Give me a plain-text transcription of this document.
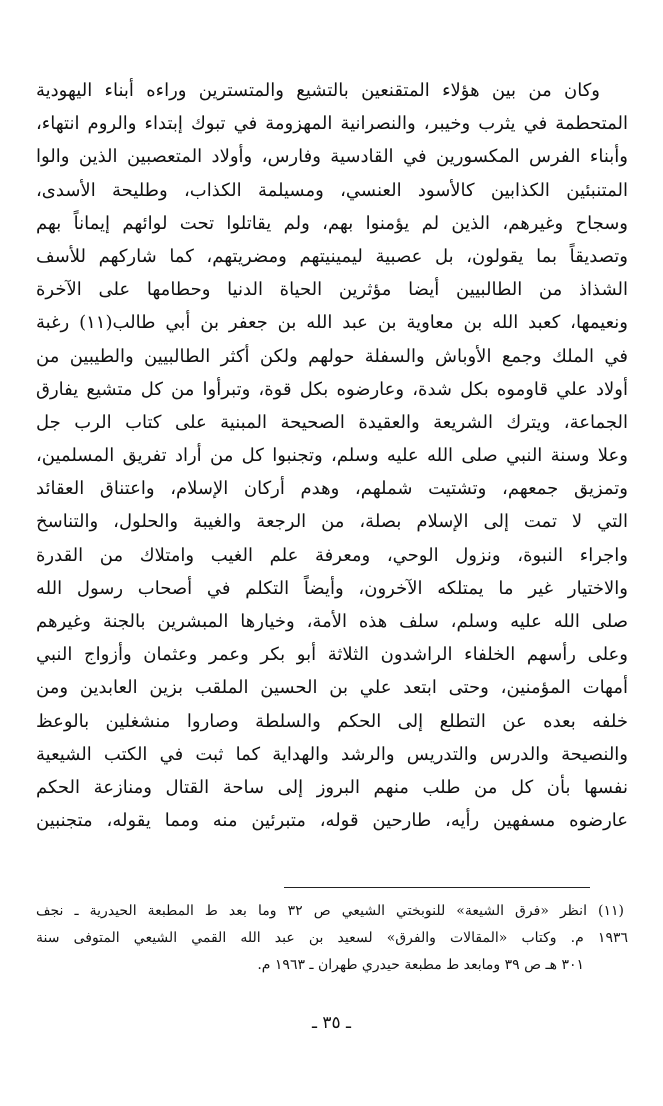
وكان من بين هؤلاء المتقنعين بالتشيع والمتسترين وراءه أبناء اليهودية
المتحطمة في يثرب وخيبر، والنصرانية المهزومة في تبوك إبتداء والروم انتهاء،
وأبناء الفرس المكسورين في القادسية وفارس، وأولاد المتعصبين الذين والوا
المتنبئين الكذابين كالأسود العنسي، ومسيلمة الكذاب، وطليحة الأسدى،
وسجاح وغيرهم، الذين لم يؤمنوا بهم، ولم يقاتلوا تحت لوائهم إيماناً بهم
وتصديقاً بما يقولون، بل عصبية ليمينيتهم ومضريتهم، كما شاركهم للأسف
الشذاذ من الطالبيين أيضا مؤثرين الحياة الدنيا وحطامها على الآخرة
ونعيمها، كعبد الله بن معاوية بن عبد الله بن جعفر بن أبي طالب(١١) رغبة
في الملك وجمع الأوباش والسفلة حولهم ولكن أكثر الطالبيين والطيبين من
أولاد علي قاوموه بكل شدة، وعارضوه بكل قوة، وتبرأوا من كل متشيع يفارق
الجماعة، ويترك الشريعة والعقيدة الصحيحة المبنية على كتاب الرب جل
وعلا وسنة النبي صلى الله عليه وسلم، وتجنبوا كل من أراد تفريق المسلمين،
وتمزيق جمعهم، وتشتيت شملهم، وهدم أركان الإسلام، واعتناق العقائد
التي لا تمت إلى الإسلام بصلة، من الرجعة والغيبة والحلول، والتناسخ
واجراء النبوة، ونزول الوحي، ومعرفة علم الغيب وامتلاك من القدرة
والاختيار غير ما يمتلكه الآخرون، وأيضاً التكلم في أصحاب رسول الله
صلى الله عليه وسلم، سلف هذه الأمة، وخيارها المبشرين بالجنة وغيرهم
وعلى رأسهم الخلفاء الراشدون الثلاثة أبو بكر وعمر وعثمان وأزواج النبي
أمهات المؤمنين، وحتى ابتعد علي بن الحسين الملقب بزين العابدين ومن
خلفه بعده عن التطلع إلى الحكم والسلطة وصاروا منشغلين بالوعظ
والنصيحة والدرس والتدريس والرشد والهداية كما ثبت في الكتب الشيعية
نفسها بأن كل من طلب منهم البروز إلى ساحة القتال ومنازعة الحكم
عارضوه مسفهين رأيه، طارحين قوله، متبرئين منه ومما يقوله، متجنبين
(١١) انظر «فرق الشيعة» للنوبختي الشيعي ص ٣٢ وما بعد ط المطبعة الحيدرية ـ نجف
١٩٣٦ م. وكتاب «المقالات والفرق» لسعيد بن عبد الله القمي الشيعي المتوفى سنة
٣٠١ هـ ص ٣٩ ومابعد ط مطبعة حيدري طهران ـ ١٩٦٣ م.
ـ ٣٥ ـ
